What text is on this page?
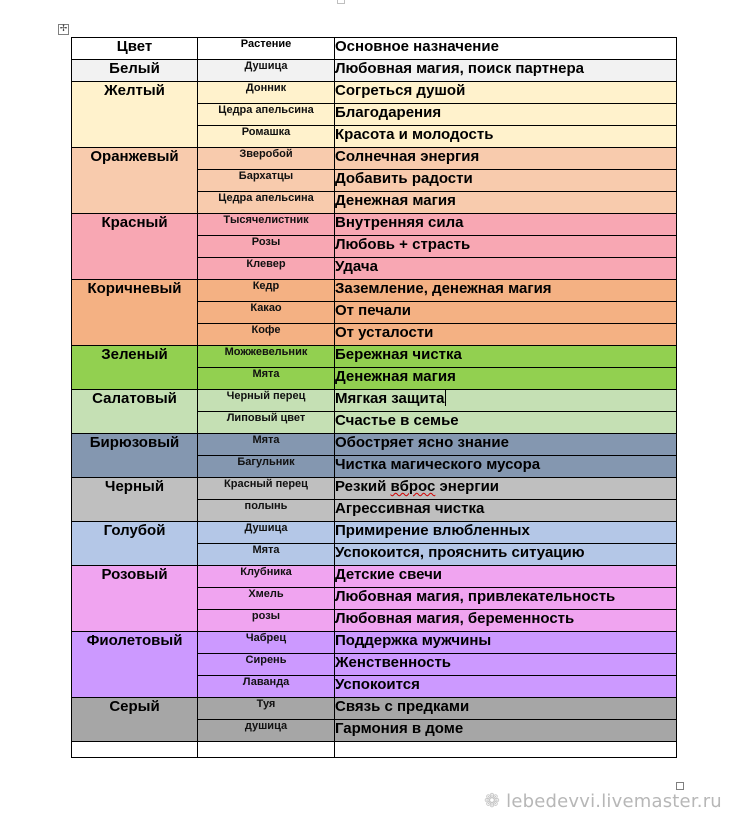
✢
Цвет	Растение	Основное назначение
Белый	Душица	Любовная магия, поиск партнера
Желтый	Донник	Согреться душой
	Цедра апельсина	Благодарения
	Ромашка	Красота и молодость
Оранжевый	Зверобой	Солнечная энергия
	Бархатцы	Добавить радости
	Цедра апельсина	Денежная магия
Красный	Тысячелистник	Внутренняя сила
	Розы	Любовь + страсть
	Клевер	Удача
Коричневый	Кедр	Заземление, денежная магия
	Какао	От печали
	Кофе	От усталости
Зеленый	Можжевельник	Бережная чистка
	Мята	Денежная магия
Салатовый	Черный перец	Мягкая защита
	Липовый цвет	Счастье в семье
Бирюзовый	Мята	Обостряет ясно знание
	Багульник	Чистка магического мусора
Черный	Красный перец	Резкий вброс энергии
	полынь	Агрессивная чистка
Голубой	Душица	Примирение влюбленных
	Мята	Успокоится, прояснить ситуацию
Розовый	Клубника	Детские свечи
	Хмель	Любовная магия, привлекательность
	розы	Любовная магия, беременность
Фиолетовый	Чабрец	Поддержка мужчины
	Сирень	Женственность
	Лаванда	Успокоится
Серый	Туя	Связь с предками
	душица	Гармония в доме

❁ lebedevvi.livemaster.ru
